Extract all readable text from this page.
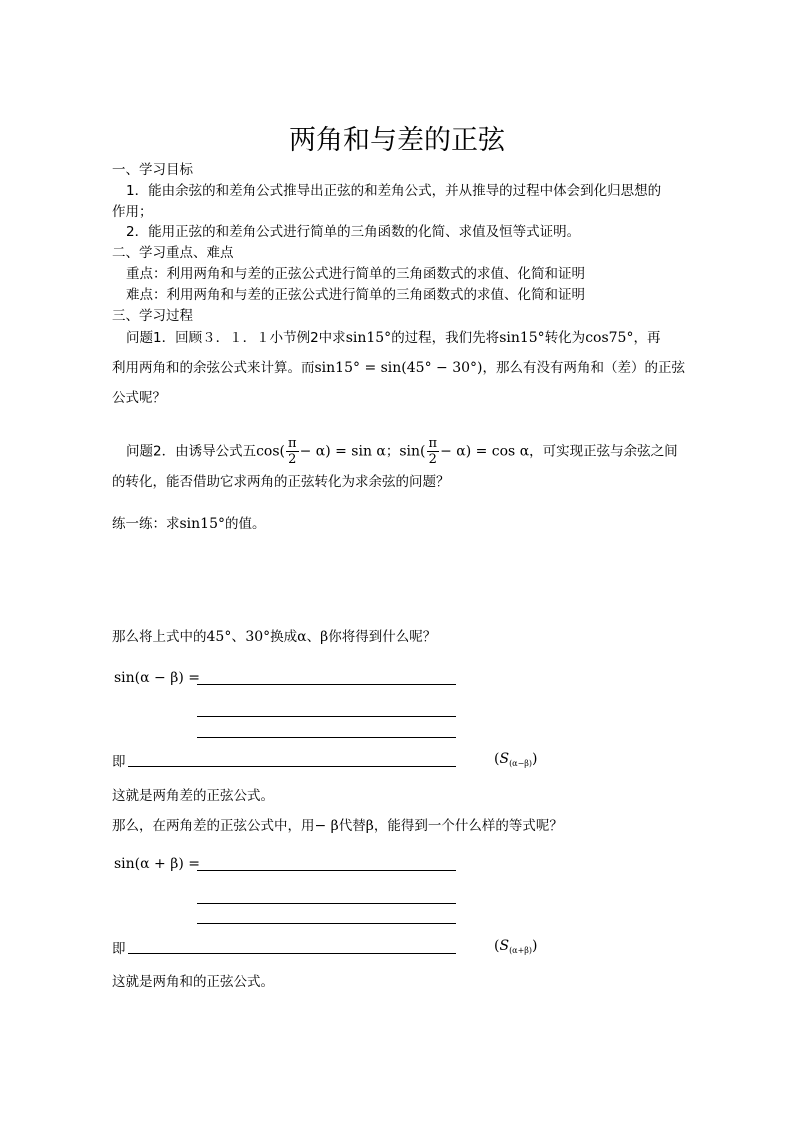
两角和与差的正弦
一、学习目标
1．能由余弦的和差角公式推导出正弦的和差角公式，并从推导的过程中体会到化归思想的
作用；
2．能用正弦的和差角公式进行简单的三角函数的化简、求值及恒等式证明。
二、学习重点、难点
重点：利用两角和与差的正弦公式进行简单的三角函数式的求值、化简和证明
难点：利用两角和与差的正弦公式进行简单的三角函数式的求值、化简和证明
三、学习过程
问题1．回顾３．１．１小节例2中求sin15°的过程，我们先将sin15°转化为cos75°，再
利用两角和的余弦公式来计算。而sin15° = sin(45° − 30°)，那么有没有两角和（差）的正弦
公式呢？
问题2．由诱导公式五$\cos( \frac{\pi}{2} - \alpha) = \sin \alpha$；$\sin( \frac{\pi}{2} - \alpha) = \cos \alpha$，可实现正弦与余弦之间
的转化，能否借助它求两角的正弦转化为求余弦的问题？
练一练：求sin15°的值。
那么将上式中的45°、30°换成α、β你将得到什么呢？
sin(α − β) =
即	$(S_{(\alpha-\beta)})$
这就是两角差的正弦公式。
那么，在两角差的正弦公式中，用− β代替β，能得到一个什么样的等式呢？
sin(α + β) =
即	$(S_{(\alpha+\beta)})$
这就是两角和的正弦公式。
